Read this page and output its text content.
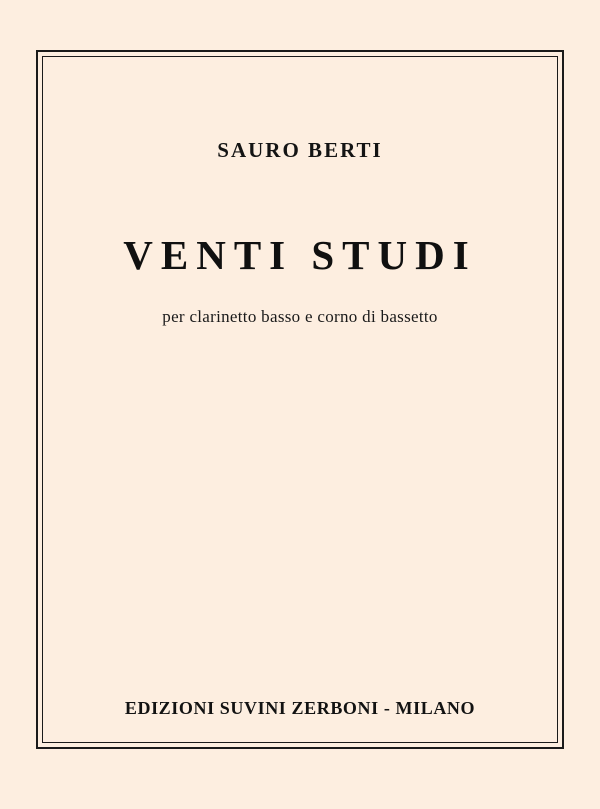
SAURO BERTI
VENTI STUDI
per clarinetto basso e corno di bassetto
EDIZIONI SUVINI ZERBONI - MILANO
